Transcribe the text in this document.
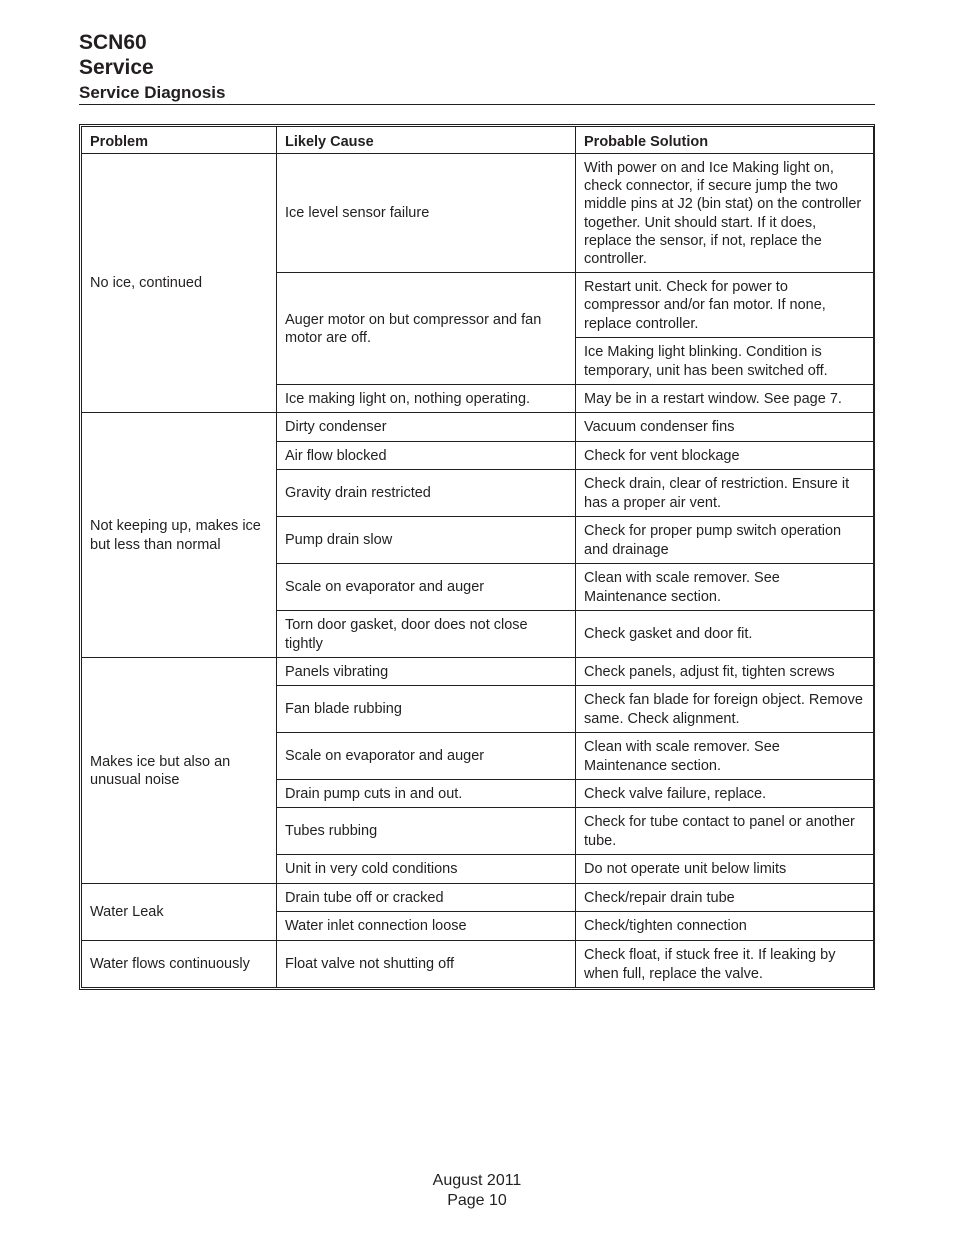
SCN60
Service
Service Diagnosis
Problem	Likely Cause	Probable Solution
No ice, continued	Ice level sensor failure	With power on and Ice Making light on, check connector, if secure jump the two middle pins at J2 (bin stat) on the controller together. Unit should start. If it does, replace the sensor, if not, replace the controller.
	Auger motor on but compressor and fan motor are off.	Restart unit. Check for power to compressor and/or fan motor. If none, replace controller.
		Ice Making light blinking. Condition is temporary, unit has been switched off.
	Ice making light on, nothing operating.	May be in a restart window. See page 7.
Not keeping up, makes ice but less than normal	Dirty condenser	Vacuum condenser fins
	Air flow blocked	Check for vent blockage
	Gravity drain restricted	Check drain, clear of restriction. Ensure it has a proper air vent.
	Pump drain slow	Check for proper pump switch operation and drainage
	Scale on evaporator and auger	Clean with scale remover. See Maintenance section.
	Torn door gasket, door does not close tightly	Check gasket and door fit.
Makes ice but also an unusual noise	Panels vibrating	Check panels, adjust fit, tighten screws
	Fan blade rubbing	Check fan blade for foreign object. Remove same. Check alignment.
	Scale on evaporator and auger	Clean with scale remover. See Maintenance section.
	Drain pump cuts in and out.	Check valve failure, replace.
	Tubes rubbing	Check for tube contact to panel or another tube.
	Unit in very cold conditions	Do not operate unit below limits
Water Leak	Drain tube off or cracked	Check/repair drain tube
	Water inlet connection loose	Check/tighten connection
Water flows continuously	Float valve not shutting off	Check float, if stuck free it. If leaking by when full, replace the valve.
August 2011
Page 10
